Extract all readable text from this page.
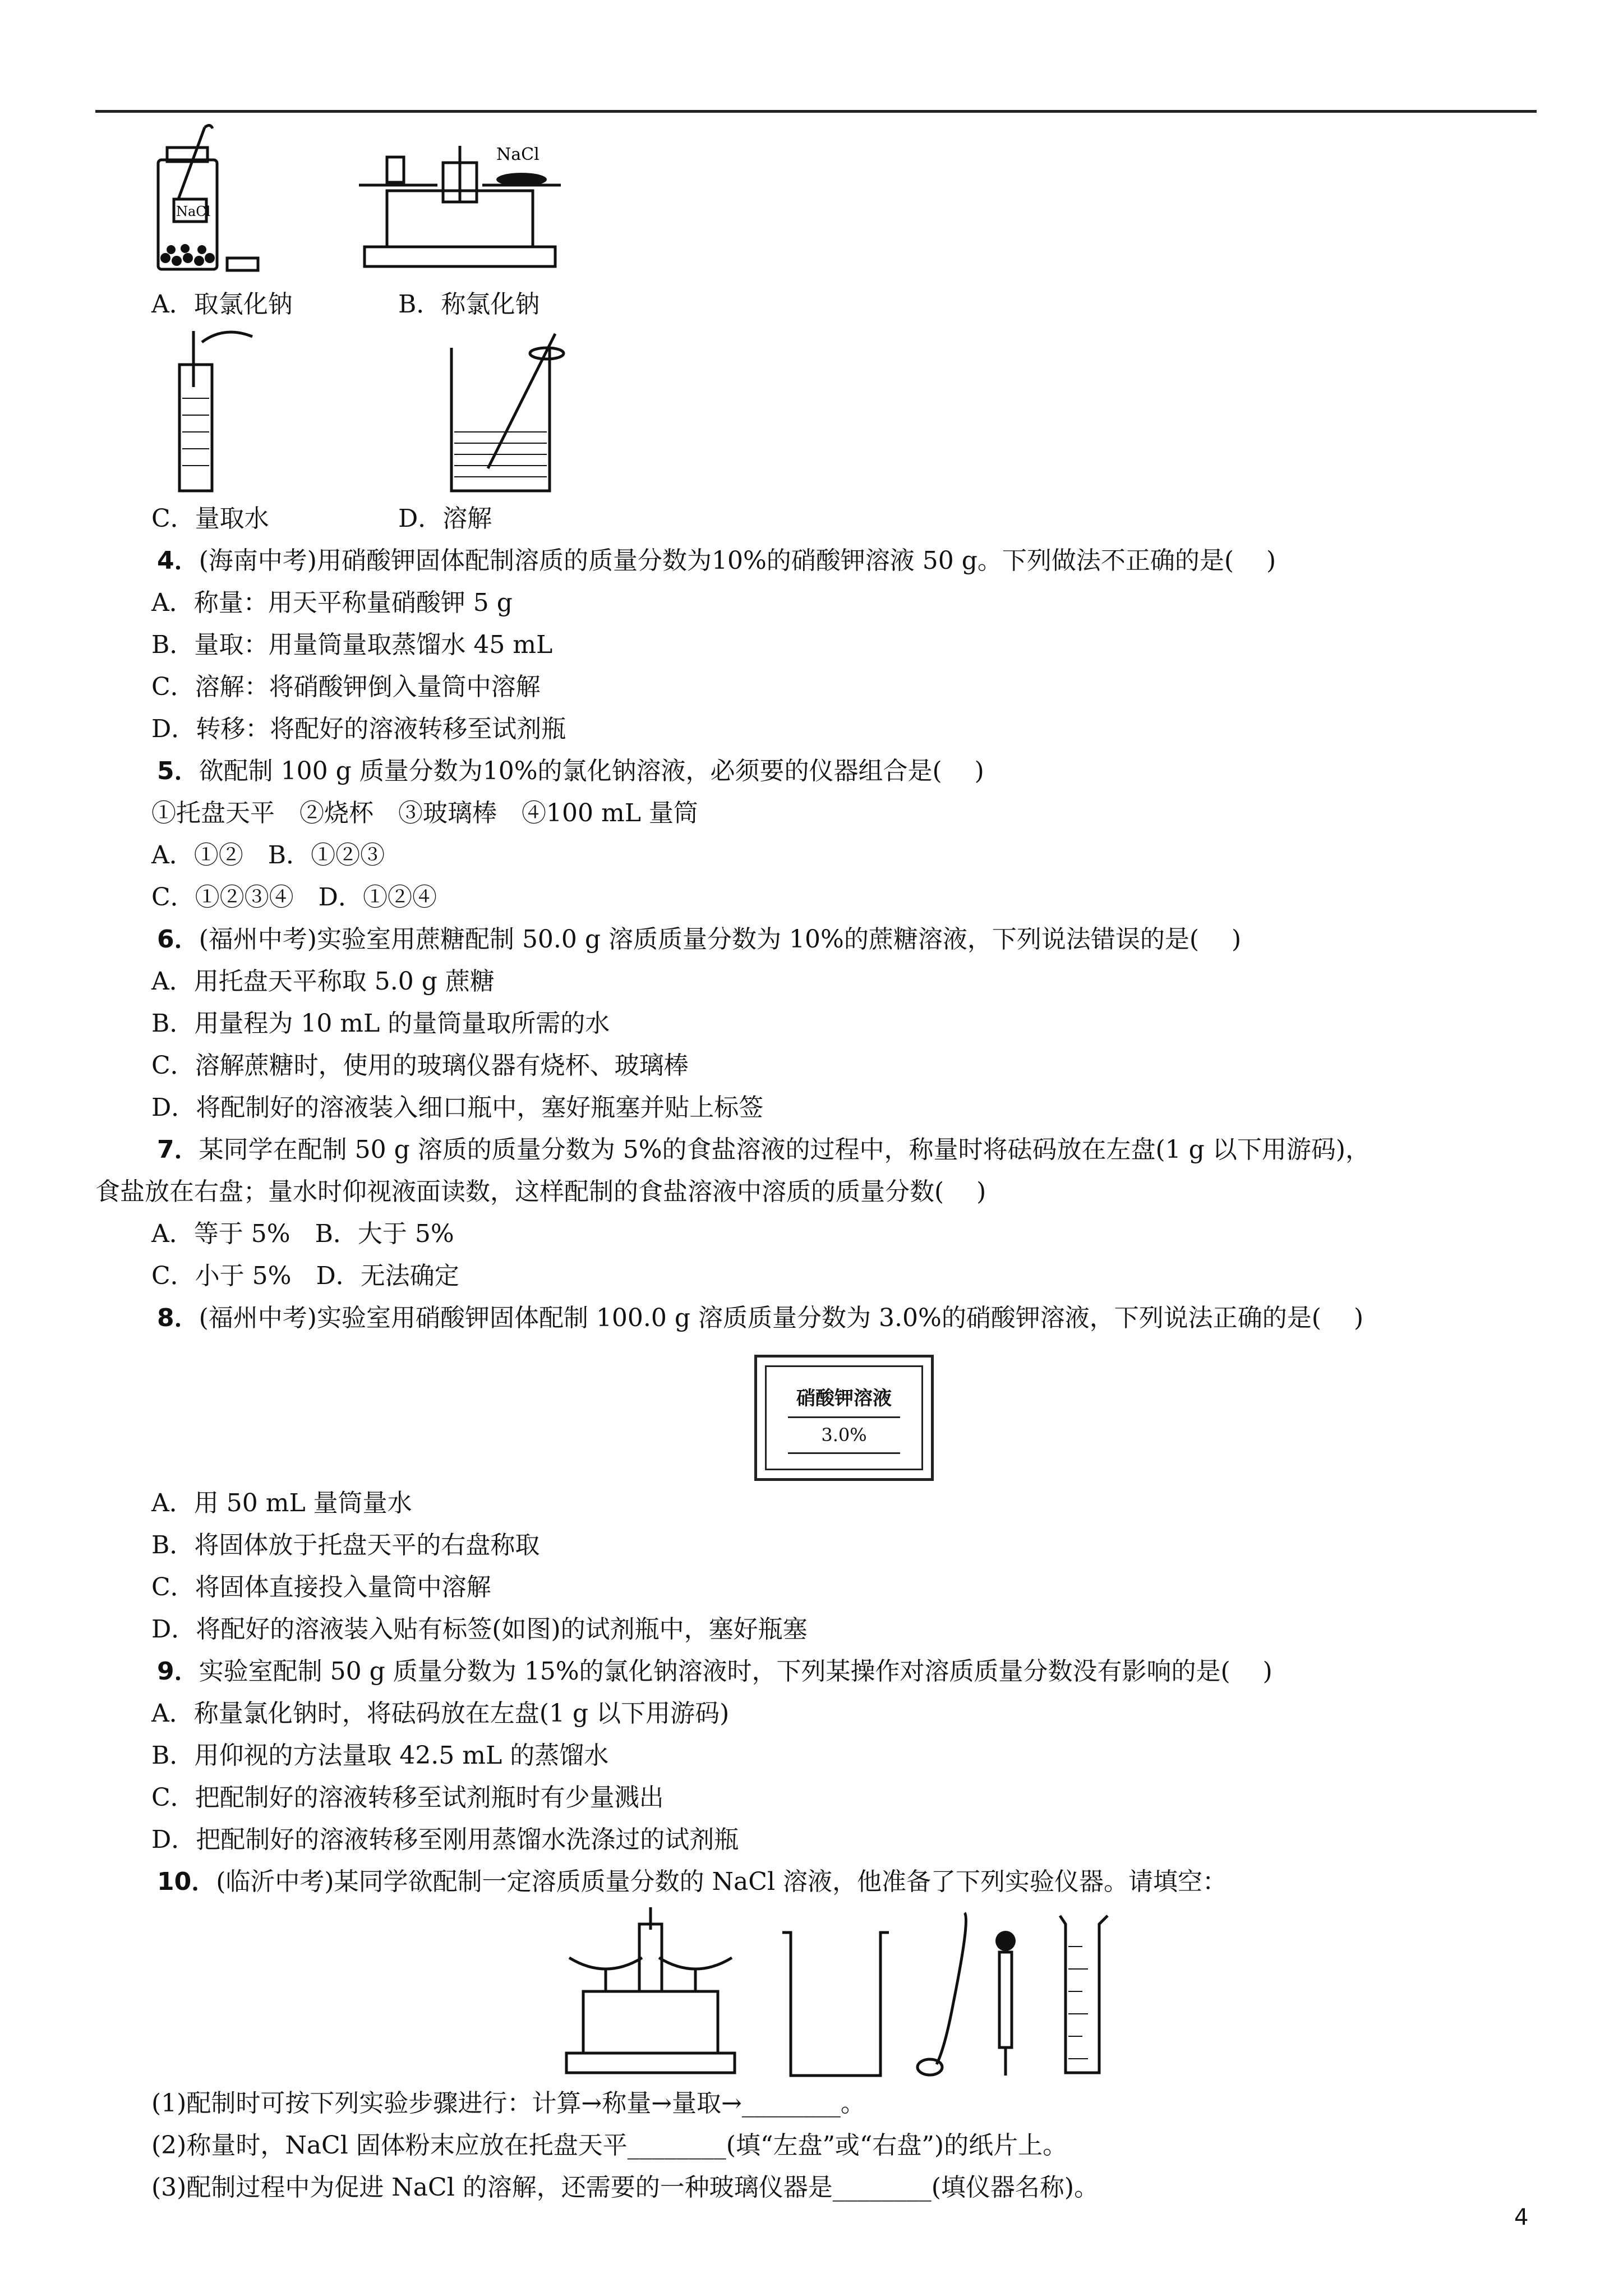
NaCl
NaCl
A．取氯化钠	B．称氯化钠
C．量取水	D．溶解
4．(海南中考)用硝酸钾固体配制溶质的质量分数为10%的硝酸钾溶液 50 g。下列做法不正确的是(　 )
A．称量：用天平称量硝酸钾 5 g
B．量取：用量筒量取蒸馏水 45 mL
C．溶解：将硝酸钾倒入量筒中溶解
D．转移：将配好的溶液转移至试剂瓶
5．欲配制 100 g 质量分数为10%的氯化钠溶液，必须要的仪器组合是(　 )
①托盘天平　②烧杯　③玻璃棒　④100 mL 量筒
A．①②　B．①②③
C．①②③④　D．①②④
6．(福州中考)实验室用蔗糖配制 50.0 g 溶质质量分数为 10%的蔗糖溶液，下列说法错误的是(　 )
A．用托盘天平称取 5.0 g 蔗糖
B．用量程为 10 mL 的量筒量取所需的水
C．溶解蔗糖时，使用的玻璃仪器有烧杯、玻璃棒
D．将配制好的溶液装入细口瓶中，塞好瓶塞并贴上标签
7．某同学在配制 50 g 溶质的质量分数为 5%的食盐溶液的过程中，称量时将砝码放在左盘(1 g 以下用游码)，
食盐放在右盘；量水时仰视液面读数，这样配制的食盐溶液中溶质的质量分数(　 )
A．等于 5%　B．大于 5%
C．小于 5%　D．无法确定
8．(福州中考)实验室用硝酸钾固体配制 100.0 g 溶质质量分数为 3.0%的硝酸钾溶液，下列说法正确的是(　 )
硝酸钾溶液
3.0%
A．用 50 mL 量筒量水
B．将固体放于托盘天平的右盘称取
C．将固体直接投入量筒中溶解
D．将配好的溶液装入贴有标签(如图)的试剂瓶中，塞好瓶塞
9．实验室配制 50 g 质量分数为 15%的氯化钠溶液时，下列某操作对溶质质量分数没有影响的是(　 )
A．称量氯化钠时，将砝码放在左盘(1 g 以下用游码)
B．用仰视的方法量取 42.5 mL 的蒸馏水
C．把配制好的溶液转移至试剂瓶时有少量溅出
D．把配制好的溶液转移至刚用蒸馏水洗涤过的试剂瓶
10．(临沂中考)某同学欲配制一定溶质质量分数的 NaCl 溶液，他准备了下列实验仪器。请填空：
(1)配制时可按下列实验步骤进行：计算→称量→量取→________。
(2)称量时，NaCl 固体粉末应放在托盘天平________(填“左盘”或“右盘”)的纸片上。
(3)配制过程中为促进 NaCl 的溶解，还需要的一种玻璃仪器是________(填仪器名称)。
4
